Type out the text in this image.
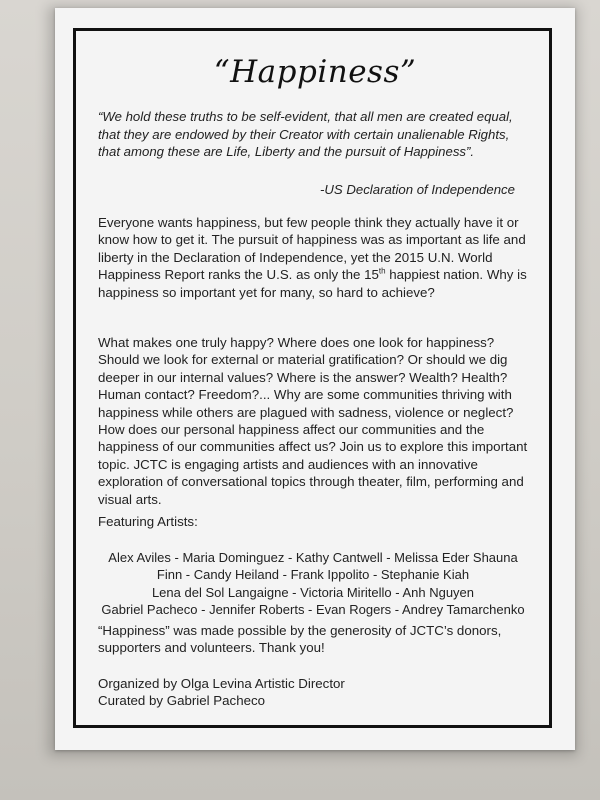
“Happiness”
“We hold these truths to be self-evident, that all men are created equal, that they are endowed by their Creator with certain unalienable Rights, that among these are Life, Liberty and the pursuit of Happiness”.
-US Declaration of Independence
Everyone wants happiness, but few people think they actually have it or know how to get it. The pursuit of happiness was as important as life and liberty in the Declaration of Independence, yet the 2015 U.N. World Happiness Report ranks the U.S. as only the 15th happiest nation. Why is happiness so important yet for many, so hard to achieve?
What makes one truly happy? Where does one look for happiness? Should we look for external or material gratification? Or should we dig deeper in our internal values? Where is the answer? Wealth? Health? Human contact? Freedom?... Why are some communities thriving with happiness while others are plagued with sadness, violence or neglect? How does our personal happiness affect our communities and the happiness of our communities affect us? Join us to explore this important topic. JCTC is engaging artists and audiences with an innovative exploration of conversational topics through theater, film, performing and visual arts.
Featuring Artists:
Alex Aviles - Maria Dominguez - Kathy Cantwell - Melissa Eder Shauna
Finn - Candy Heiland - Frank Ippolito - Stephanie Kiah
Lena del Sol Langaigne - Victoria Miritello - Anh Nguyen
Gabriel Pacheco - Jennifer Roberts - Evan Rogers - Andrey Tamarchenko
“Happiness” was made possible by the generosity of JCTC’s donors, supporters and volunteers. Thank you!
Organized by Olga Levina Artistic Director
Curated by Gabriel Pacheco
